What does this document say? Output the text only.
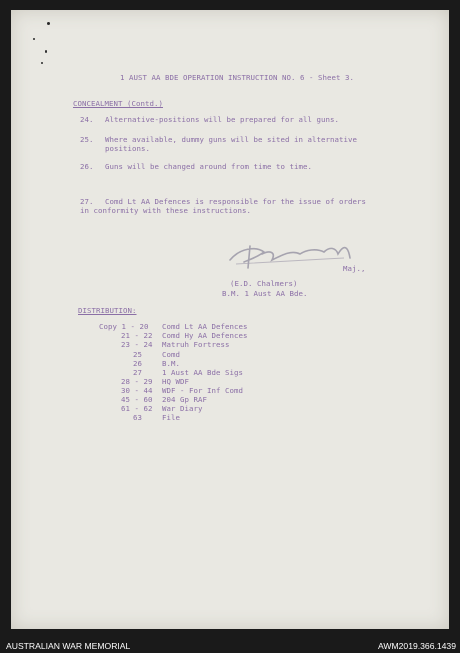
1 AUST AA BDE OPERATION INSTRUCTION NO. 6 - Sheet 3.
CONCEALMENT (Contd.)
24. Alternative-positions will be prepared for all guns.
25. Where available, dummy guns will be sited in alternative
positions.
26. Guns will be changed around from time to time.
27. Comd Lt AA Defences is responsible for the issue of orders
in conformity with these instructions.
Maj.,
(E.D. Chalmers)
B.M. 1 Aust AA Bde.
DISTRIBUTION:
Copy 1 - 20 Comd Lt AA Defences
21 - 22 Comd Hy AA Defences
23 - 24 Matruh Fortress
25	Comd
26	B.M.
27	1 Aust AA Bde Sigs
28 - 29 HQ WDF
30 - 44 WDF - For Inf Comd
45 - 60 204 Gp RAF
61 - 62 War Diary
63	File
AUSTRALIAN WAR MEMORIAL	AWM2019.366.1439
